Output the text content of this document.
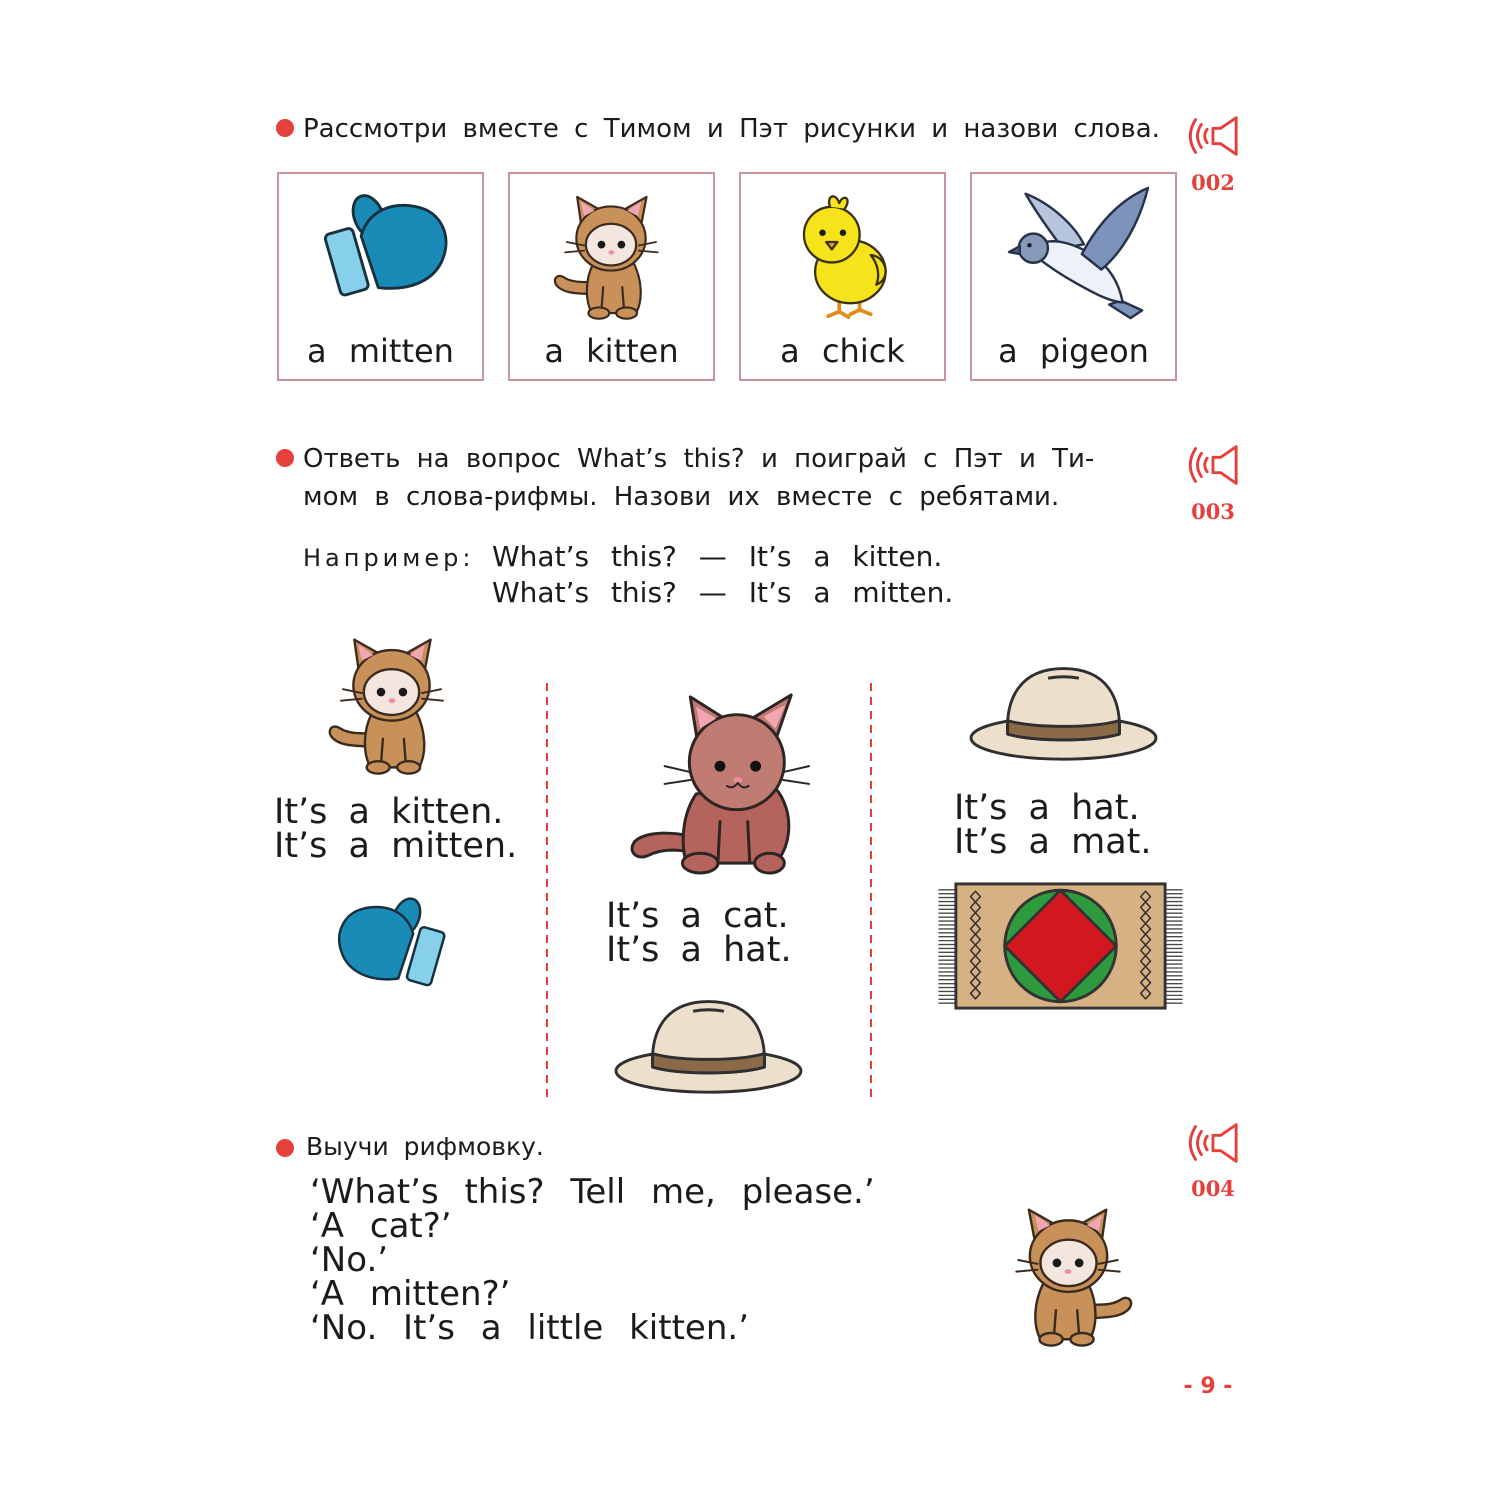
Рассмотри вместе с Тимом и Пэт рисунки и назови слова.
002
a mitten	a kitten	a chick	a pigeon
Ответь на вопрос What’s this? и поиграй с Пэт и Ти-
мом в слова-рифмы. Назови их вместе с ребятами.	003
Например: What’s this? — It’s a kitten.
What’s this? — It’s a mitten.
It’s a kitten.
It’s a mitten.
It’s a cat.
It’s a hat.
It’s a hat.
It’s a mat.
Выучи рифмовку.
004
‘What’s this? Tell me, please.’
‘A cat?’
‘No.’
‘A mitten?’
‘No. It’s a little kitten.’
- 9 -
